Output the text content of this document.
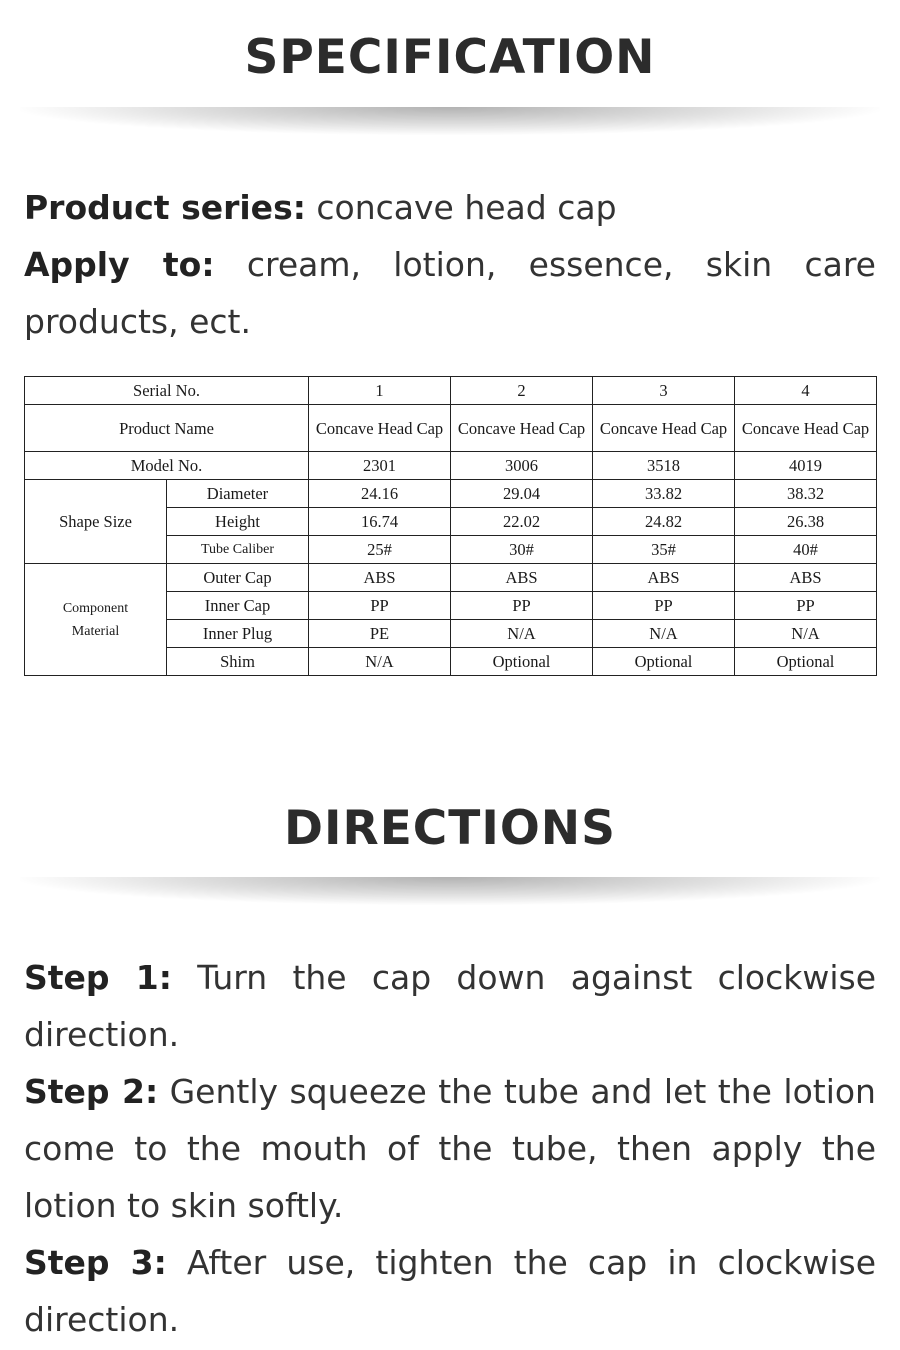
SPECIFICATION
Product series: concave head cap
Apply to: cream, lotion, essence, skin care products, ect.
Serial No.		1	2	3	4
Product Name		Concave Head Cap	Concave Head Cap	Concave Head Cap	Concave Head Cap
Model No.		2301	3006	3518	4019
Shape Size	Diameter	24.16	29.04	33.82	38.32
	Height	16.74	22.02	24.82	26.38
	Tube Caliber	25#	30#	35#	40#
Component Material	Outer Cap	ABS	ABS	ABS	ABS
	Inner Cap	PP	PP	PP	PP
	Inner Plug	PE	N/A	N/A	N/A
	Shim	N/A	Optional	Optional	Optional
DIRECTIONS

Step 1: Turn the cap down against clockwise direction.

Step 2: Gently squeeze the tube and let the lotion come to the mouth of the tube, then apply the lotion to skin softly.

Step 3: After use, tighten the cap in clockwise direction.
